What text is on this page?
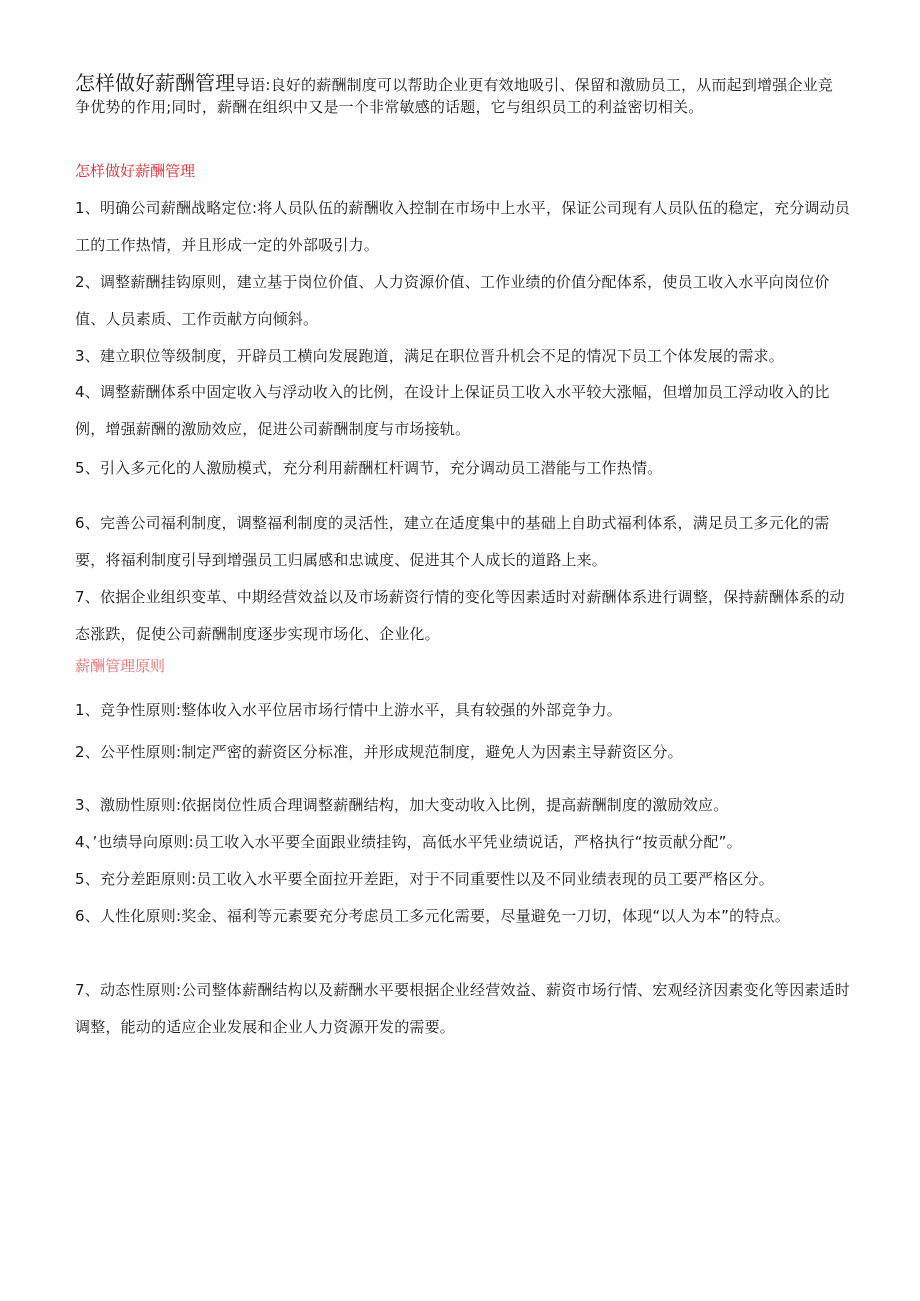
怎样做好薪酬管理导语:良好的薪酬制度可以帮助企业更有效地吸引、保留和激励员工，从而起到增强企业竞争优势的作用;同时，薪酬在组织中又是一个非常敏感的话题，它与组织员工的利益密切相关。
怎样做好薪酬管理
1、明确公司薪酬战略定位:将人员队伍的薪酬收入控制在市场中上水平，保证公司现有人员队伍的稳定，充分调动员工的工作热情，并且形成一定的外部吸引力。
2、调整薪酬挂钩原则，建立基于岗位价值、人力资源价值、工作业绩的价值分配体系，使员工收入水平向岗位价值、人员素质、工作贡献方向倾斜。
3、建立职位等级制度，开辟员工横向发展跑道，满足在职位晋升机会不足的情况下员工个体发展的需求。
4、调整薪酬体系中固定收入与浮动收入的比例，在设计上保证员工收入水平较大涨幅，但增加员工浮动收入的比例，增强薪酬的激励效应，促进公司薪酬制度与市场接轨。
5、引入多元化的人激励模式，充分利用薪酬杠杆调节，充分调动员工潜能与工作热情。
6、完善公司福利制度，调整福利制度的灵活性，建立在适度集中的基础上自助式福利体系，满足员工多元化的需要，将福利制度引导到增强员工归属感和忠诚度、促进其个人成长的道路上来。
7、依据企业组织变革、中期经营效益以及市场薪资行情的变化等因素适时对薪酬体系进行调整，保持薪酬体系的动态涨跌，促使公司薪酬制度逐步实现市场化、企业化。
薪酬管理原则
1、竞争性原则:整体收入水平位居市场行情中上游水平，具有较强的外部竞争力。
2、公平性原则:制定严密的薪资区分标准，并形成规范制度，避免人为因素主导薪资区分。
3、激励性原则:依据岗位性质合理调整薪酬结构，加大变动收入比例，提高薪酬制度的激励效应。
4、’也绩导向原则:员工收入水平要全面跟业绩挂钩，高低水平凭业绩说话，严格执行“按贡献分配”。
5、充分差距原则:员工收入水平要全面拉开差距，对于不同重要性以及不同业绩表现的员工要严格区分。
6、人性化原则:奖金、福利等元素要充分考虑员工多元化需要，尽量避免一刀切，体现“以人为本”的特点。
7、动态性原则:公司整体薪酬结构以及薪酬水平要根据企业经营效益、薪资市场行情、宏观经济因素变化等因素适时调整，能动的适应企业发展和企业人力资源开发的需要。
